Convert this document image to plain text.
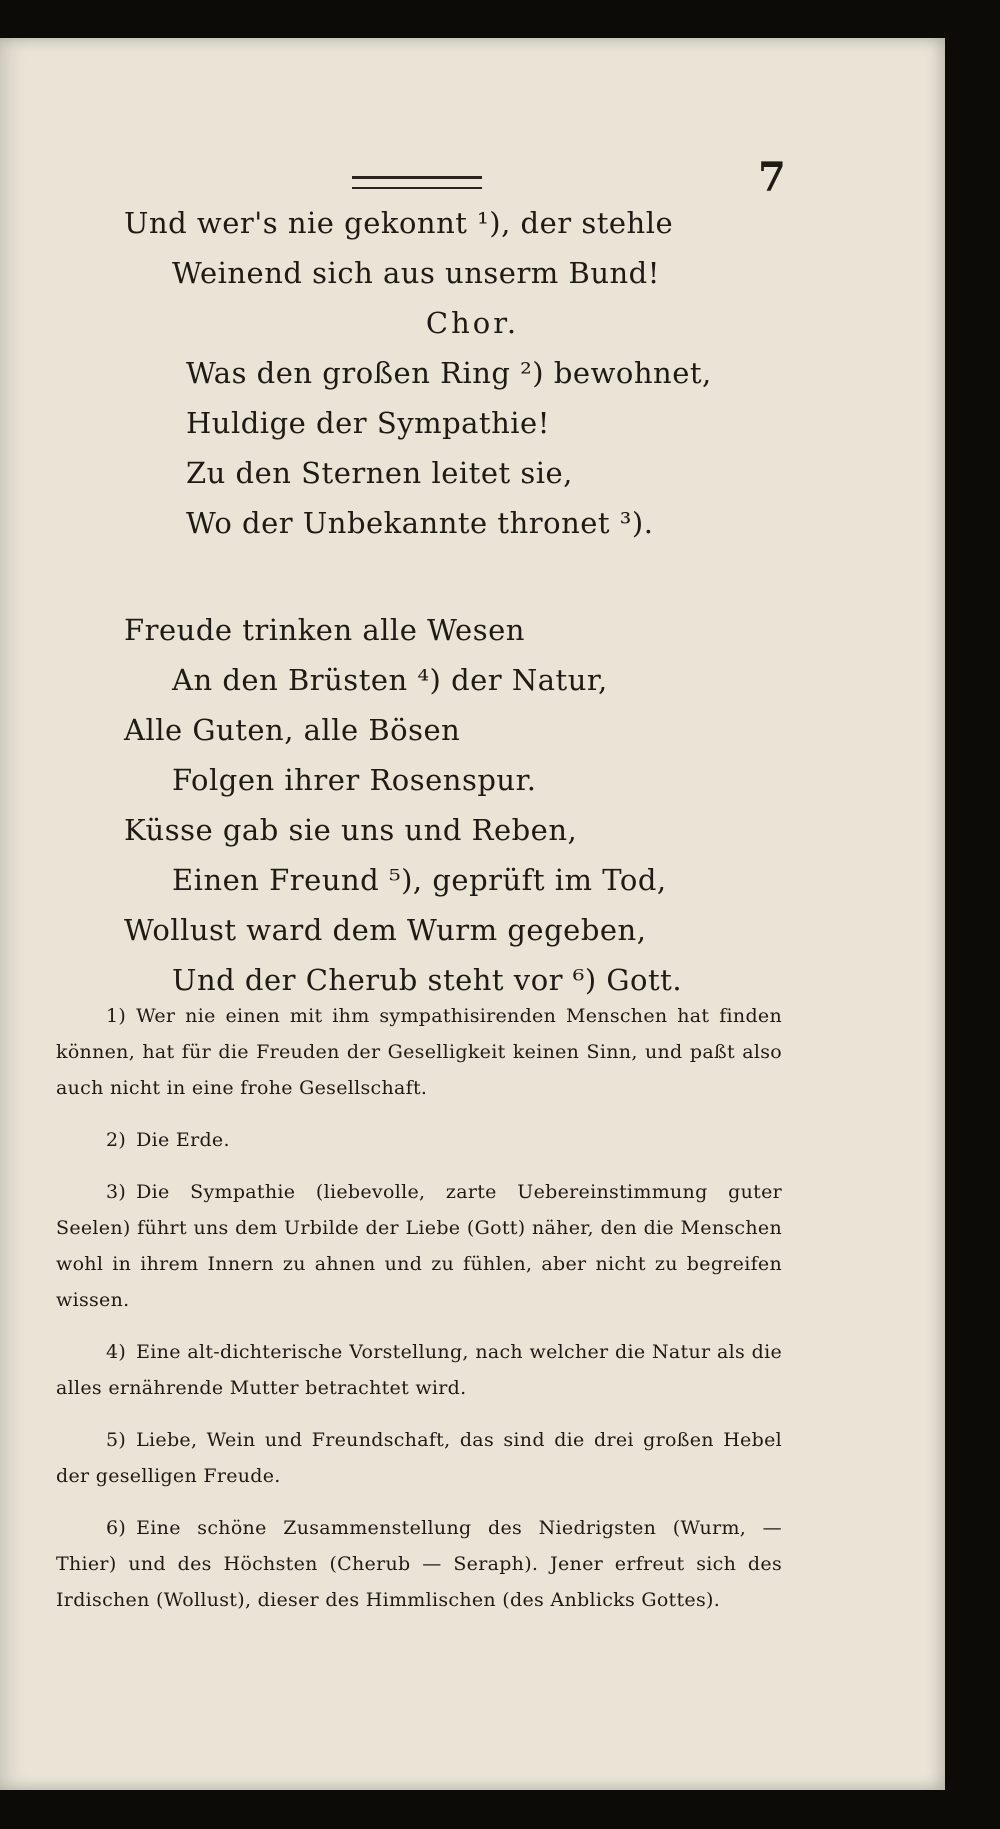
7
Und wer's nie gekonnt ¹), der stehle
Weinend sich aus unserm Bund!
Chor.
Was den großen Ring ²) bewohnet,
Huldige der Sympathie!
Zu den Sternen leitet sie,
Wo der Unbekannte thronet ³).
Freude trinken alle Wesen
An den Brüsten ⁴) der Natur,
Alle Guten, alle Bösen
Folgen ihrer Rosenspur.
Küsse gab sie uns und Reben,
Einen Freund ⁵), geprüft im Tod,
Wollust ward dem Wurm gegeben,
Und der Cherub steht vor ⁶) Gott.

1) Wer nie einen mit ihm sympathisirenden Menschen hat finden können, hat für die Freuden der Geselligkeit keinen Sinn, und paßt also auch nicht in eine frohe Gesellschaft.

2) Die Erde.

3) Die Sympathie (liebevolle, zarte Uebereinstimmung guter Seelen) führt uns dem Urbilde der Liebe (Gott) näher, den die Menschen wohl in ihrem Innern zu ahnen und zu fühlen, aber nicht zu begreifen wissen.

4) Eine alt-dichterische Vorstellung, nach welcher die Natur als die alles ernährende Mutter betrachtet wird.

5) Liebe, Wein und Freundschaft, das sind die drei großen Hebel der geselligen Freude.

6) Eine schöne Zusammenstellung des Niedrigsten (Wurm, — Thier) und des Höchsten (Cherub — Seraph). Jener erfreut sich des Irdischen (Wollust), dieser des Himmlischen (des Anblicks Gottes).
